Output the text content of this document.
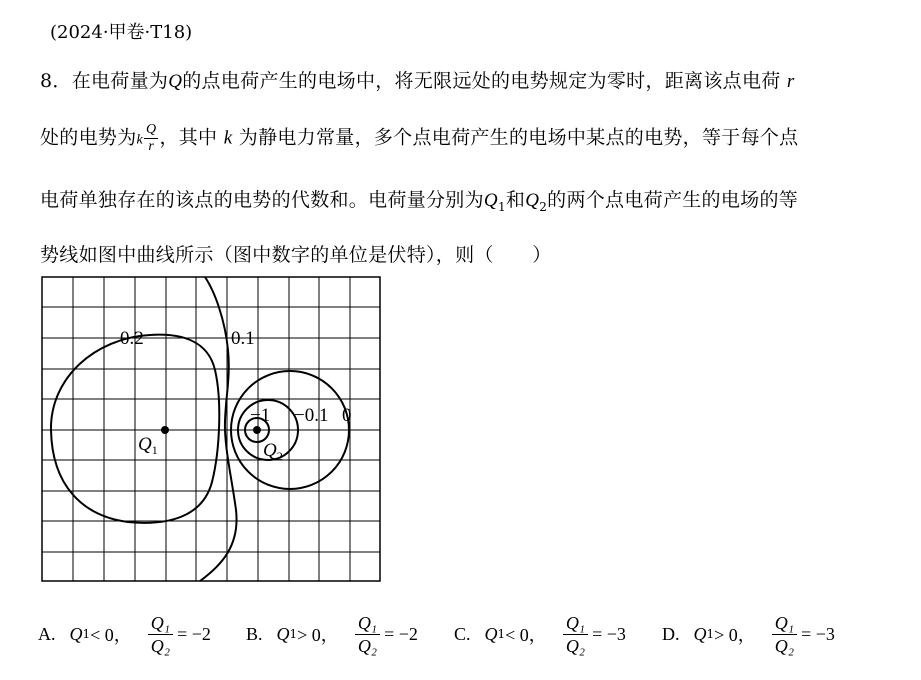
(2024·甲卷·T18)
8．在电荷量为Q的点电荷产生的电场中，将无限远处的电势规定为零时，距离该点电荷 r
处的电势为k $\frac{Q}{r}$ ，其中 k 为静电力常量，多个点电荷产生的电场中某点的电势，等于每个点
电荷单独存在的该点的电势的代数和。电荷量分别为$Q_1$和$Q_2$的两个点电荷产生的电场的等
势线如图中曲线所示（图中数字的单位是伏特），则（　　）
0.2	0.1
−1 −0.1 0
$Q_1$	$Q_2$
A. Q 1 < 0， $\frac{\text{Q₁}}{\text{Q₂}} = -2$ B. Q 1 > 0， $\frac{\text{Q₁}}{\text{Q₂}} = -2$ C. Q 1 < 0， $\frac{\text{Q₁}}{\text{Q₂}} = -3$ D. Q 1 > 0， $\frac{\text{Q₁}}{\text{Q₂}} = -3$
